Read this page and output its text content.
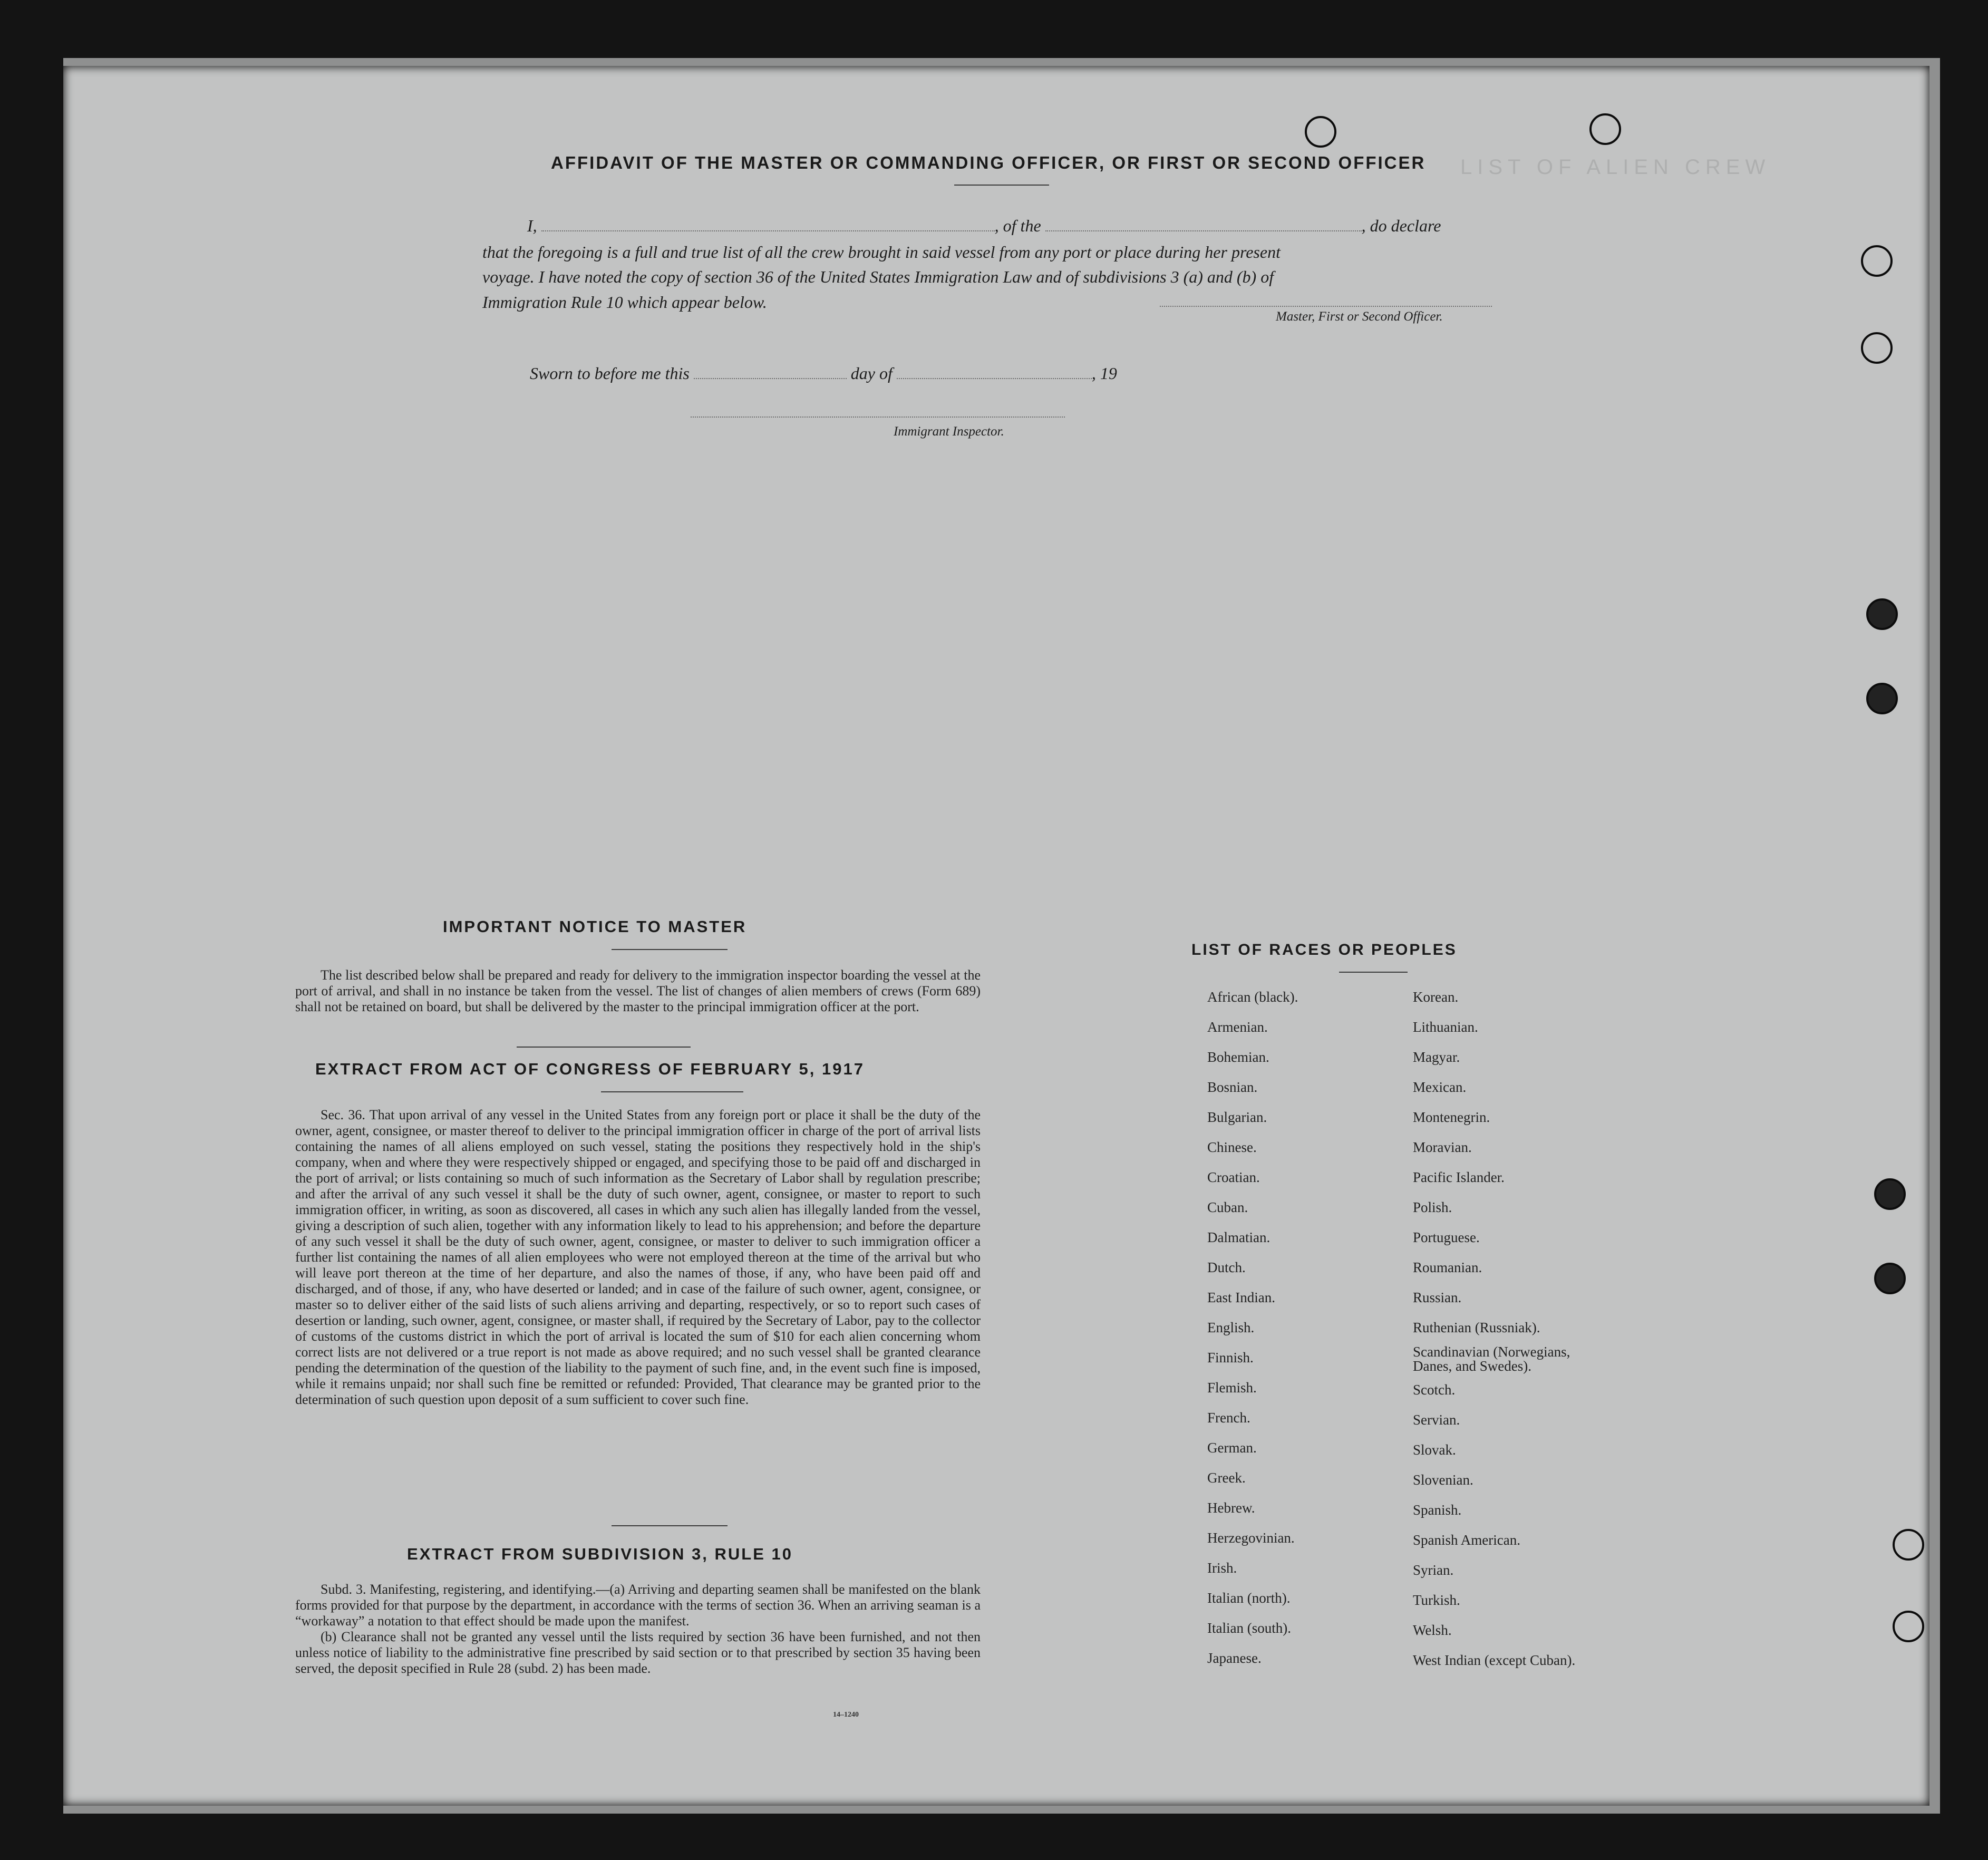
AFFIDAVIT OF THE MASTER OR COMMANDING OFFICER, OR FIRST OR SECOND OFFICER
I,	, of the	, do declare
that the foregoing is a full and true list of all the crew brought in said vessel from any port or place during her present
voyage. I have noted the copy of section 36 of the United States Immigration Law and of subdivisions 3 (a) and (b) of
Immigration Rule 10 which appear below.
Master, First or Second Officer.
Sworn to before me this	day of	, 19
Immigrant Inspector.
LIST OF ALIEN CREW
IMPORTANT NOTICE TO MASTER

The list described below shall be prepared and ready for delivery to the immigration inspector boarding the vessel at the port of arrival, and shall in no instance be taken from the vessel. The list of changes of alien members of crews (Form 689) shall not be retained on board, but shall be delivered by the master to the principal immigration officer at the port.

EXTRACT FROM ACT OF CONGRESS OF FEBRUARY 5, 1917

Sec. 36. That upon arrival of any vessel in the United States from any foreign port or place it shall be the duty of the owner, agent, consignee, or master thereof to deliver to the principal immigration officer in charge of the port of arrival lists containing the names of all aliens employed on such vessel, stating the positions they respectively hold in the ship's company, when and where they were respectively shipped or engaged, and specifying those to be paid off and discharged in the port of arrival; or lists containing so much of such information as the Secretary of Labor shall by regulation prescribe; and after the arrival of any such vessel it shall be the duty of such owner, agent, consignee, or master to report to such immigration officer, in writing, as soon as discovered, all cases in which any such alien has illegally landed from the vessel, giving a description of such alien, together with any information likely to lead to his apprehension; and before the departure of any such vessel it shall be the duty of such owner, agent, consignee, or master to deliver to such immigration officer a further list containing the names of all alien employees who were not employed thereon at the time of the arrival but who will leave port thereon at the time of her departure, and also the names of those, if any, who have been paid off and discharged, and of those, if any, who have deserted or landed; and in case of the failure of such owner, agent, consignee, or master so to deliver either of the said lists of such aliens arriving and departing, respectively, or so to report such cases of desertion or landing, such owner, agent, consignee, or master shall, if required by the Secretary of Labor, pay to the collector of customs of the customs district in which the port of arrival is located the sum of $10 for each alien concerning whom correct lists are not delivered or a true report is not made as above required; and no such vessel shall be granted clearance pending the determination of the question of the liability to the payment of such fine, and, in the event such fine is imposed, while it remains unpaid; nor shall such fine be remitted or refunded: Provided, That clearance may be granted prior to the determination of such question upon deposit of a sum sufficient to cover such fine.

EXTRACT FROM SUBDIVISION 3, RULE 10

Subd. 3. Manifesting, registering, and identifying.—(a) Arriving and departing seamen shall be manifested on the blank forms provided for that purpose by the department, in accordance with the terms of section 36. When an arriving seaman is a “workaway” a notation to that effect should be made upon the manifest.

(b) Clearance shall not be granted any vessel until the lists required by section 36 have been furnished, and not then unless notice of liability to the administrative fine prescribed by said section or to that prescribed by section 35 having been served, the deposit specified in Rule 28 (subd. 2) has been made.

14–1240
LIST OF RACES OR PEOPLES
African (black).
Armenian.
Bohemian.
Bosnian.
Bulgarian.
Chinese.
Croatian.
Cuban.
Dalmatian.
Dutch.
East Indian.
English.
Finnish.
Flemish.
French.
German.
Greek.
Hebrew.
Herzegovinian.
Irish.
Italian (north).
Italian (south).
Japanese.
Korean.
Lithuanian.
Magyar.
Mexican.
Montenegrin.
Moravian.
Pacific Islander.
Polish.
Portuguese.
Roumanian.
Russian.
Ruthenian (Russniak).
Scandinavian (Norwegians, Danes, and Swedes).
Scotch.
Servian.
Slovak.
Slovenian.
Spanish.
Spanish American.
Syrian.
Turkish.
Welsh.
West Indian (except Cuban).
